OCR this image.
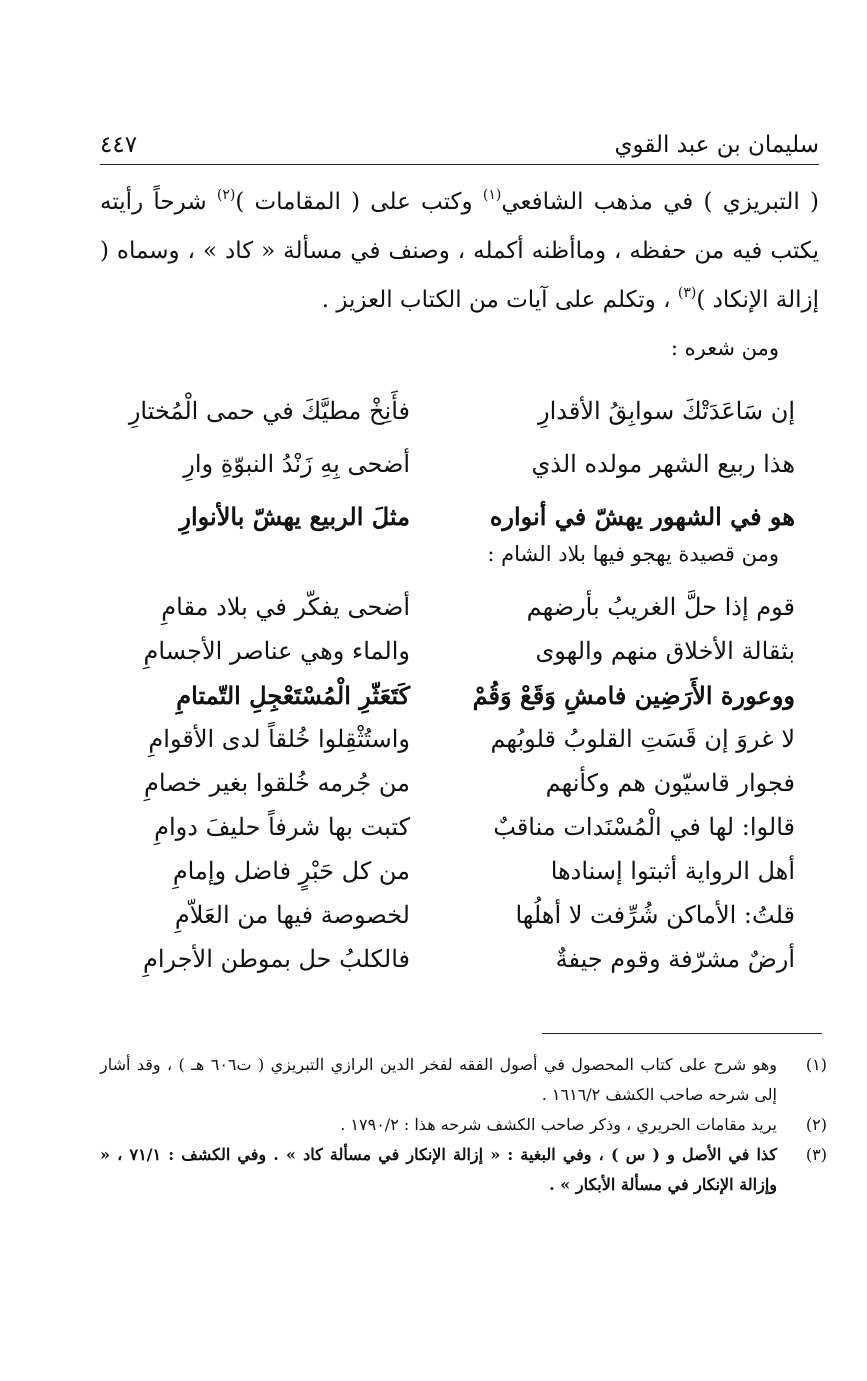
سليمان بن عبد القوي
٤٤٧
( التبريزي ) في مذهب الشافعي$^{(١)}$ وكتب على ( المقامات )$^{(٢)}$ شرحاً رأيته يكتب فيه من حفظه ، وماأظنه أكمله ، وصنف في مسألة « كاد » ، وسماه ( إزالة الإنكاد )$^{(٣)}$ ، وتكلم على آيات من الكتاب العزيز .
ومن شعره :
إن سَاعَدَتْكَ سوابِقُ الأقدارِ
فأَنِخْ مطيَّكَ في حمى الْمُختارِ
هذا ربيع الشهر مولده الذي
أضحى بِهِ زَنْدُ النبوّةِ وارِ
هو في الشهور يهشّ في أنواره
مثلَ الربيع يهشّ بالأنوارِ
ومن قصيدة يهجو فيها بلاد الشام :
قوم إذا حلَّ الغريبُ بأرضهم
أضحى يفكّر في بلاد مقامِ
بثقالة الأخلاق منهم والهوى
والماء وهي عناصر الأجسامِ
ووعورة الأَرَضِين فامشِ وَقَعْ وَقُمْ
كَتَعَثّرِ الْمُسْتَعْجِلِ التّمتامِ
لا غروَ إن قَسَتِ القلوبُ قلوبُهم
واستُثْقِلوا خُلقاً لدى الأقوامِ
فجوار قاسيّون هم وكأنهم
من جُرمه خُلقوا بغير خصامِ
قالوا: لها في الْمُسْنَدات مناقبٌ
كتبت بها شرفاً حليفَ دوامِ
أهل الرواية أثبتوا إسنادها
من كل حَبْرٍ فاضل وإمامِ
قلتُ: الأماكن شُرِّفت لا أهلُها
لخصوصة فيها من العَلاّمِ
أرضٌ مشرّفة وقوم جيفةٌ
فالكلبُ حل بموطن الأجرامِ
(١)
وهو شرح على كتاب المحصول في أصول الفقه لفخر الدين الرازي التبريزي ( ت٦٠٦ هـ ) ، وقد أشار إلى شرحه صاحب الكشف ١٦١٦/٢ .
(٢)
يريد مقامات الحريري ، وذكر صاحب الكشف شرحه هذا : ١٧٩٠/٢ .
(٣)
كذا في الأصل و ( س ) ، وفي البغية : « إزالة الإنكار في مسألة كاد » . وفي الكشف : ٧١/١ ، « وإزالة الإنكار في مسألة الأبكار » .
